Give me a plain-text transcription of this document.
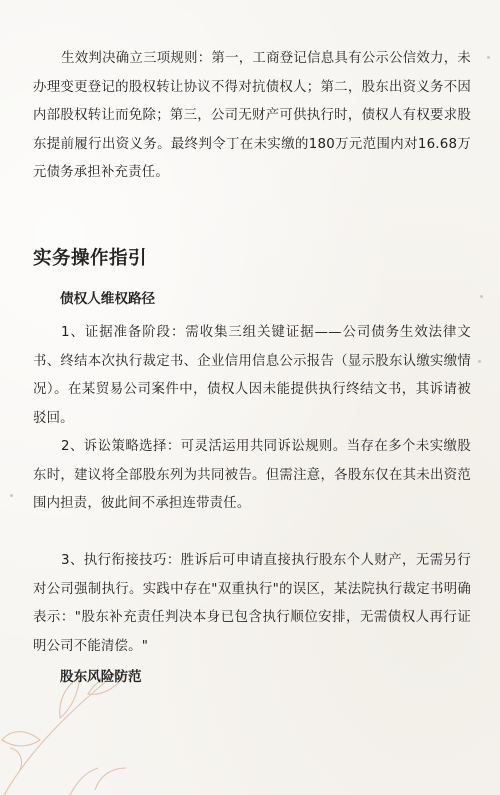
生效判决确立三项规则：第一，工商登记信息具有公示公信效力，未办理变更登记的股权转让协议不得对抗债权人；第二，股东出资义务不因内部股权转让而免除；第三，公司无财产可供执行时，债权人有权要求股东提前履行出资义务。最终判令丁在未实缴的180万元范围内对16.68万元债务承担补充责任。

实务操作指引
债权人维权路径

1、证据准备阶段：需收集三组关键证据——公司债务生效法律文书、终结本次执行裁定书、企业信用信息公示报告（显示股东认缴实缴情况）。在某贸易公司案件中，债权人因未能提供执行终结文书，其诉请被驳回。

2、诉讼策略选择：可灵活运用共同诉讼规则。当存在多个未实缴股东时，建议将全部股东列为共同被告。但需注意，各股东仅在其未出资范围内担责，彼此间不承担连带责任。

3、执行衔接技巧：胜诉后可申请直接执行股东个人财产，无需另行对公司强制执行。实践中存在"双重执行"的误区，某法院执行裁定书明确表示："股东补充责任判决本身已包含执行顺位安排，无需债权人再行证明公司不能清偿。"

股东风险防范
